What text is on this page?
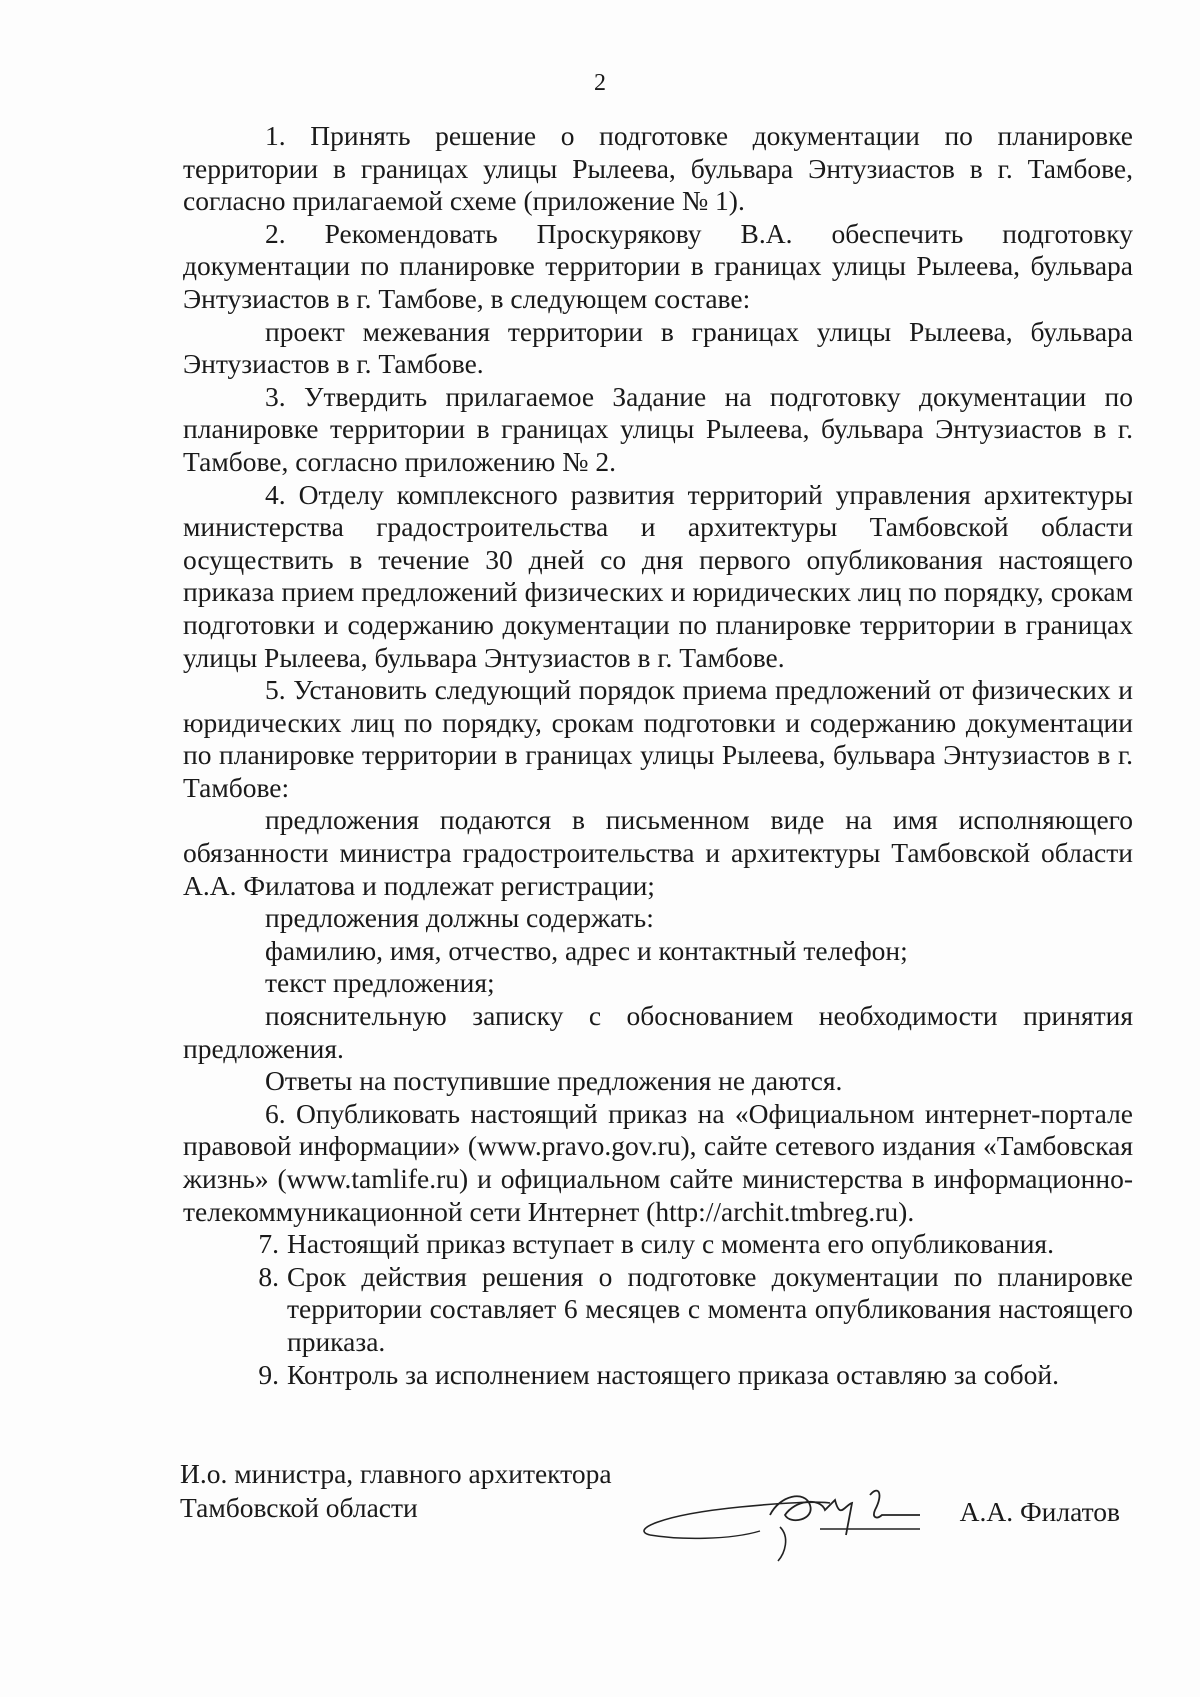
2

1. Принять решение о подготовке документации по планировке территории в границах улицы Рылеева, бульвара Энтузиастов в г. Тамбове, согласно прилагаемой схеме (приложение № 1).

2. Рекомендовать Проскурякову В.А. обеспечить подготовку документации по планировке территории в границах улицы Рылеева, бульвара Энтузиастов в г. Тамбове, в следующем составе:

проект межевания территории в границах улицы Рылеева, бульвара Энтузиастов в г. Тамбове.

3. Утвердить прилагаемое Задание на подготовку документации по планировке территории в границах улицы Рылеева, бульвара Энтузиастов в г. Тамбове, согласно приложению № 2.

4. Отделу комплексного развития территорий управления архитектуры министерства градостроительства и архитектуры Тамбовской области осуществить в течение 30 дней со дня первого опубликования настоящего приказа прием предложений физических и юридических лиц по порядку, срокам подготовки и содержанию документации по планировке территории в границах улицы Рылеева, бульвара Энтузиастов в г. Тамбове.

5. Установить следующий порядок приема предложений от физических и юридических лиц по порядку, срокам подготовки и содержанию документации по планировке территории в границах улицы Рылеева, бульвара Энтузиастов в г. Тамбове:

предложения подаются в письменном виде на имя исполняющего обязанности министра градостроительства и архитектуры Тамбовской области А.А. Филатова и подлежат регистрации;

предложения должны содержать:

фамилию, имя, отчество, адрес и контактный телефон;

текст предложения;

пояснительную записку с обоснованием необходимости принятия предложения.

Ответы на поступившие предложения не даются.

6. Опубликовать настоящий приказ на «Официальном интернет-портале правовой информации» (www.pravo.gov.ru), сайте сетевого издания «Тамбовская жизнь» (www.tamlife.ru) и официальном сайте министерства в информационно-телекоммуникационной сети Интернет (http://archit.tmbreg.ru).

7. Настоящий приказ вступает в силу с момента его опубликования.
8. Срок действия решения о подготовке документации по планировке территории составляет 6 месяцев с момента опубликования настоящего приказа.
9. Контроль за исполнением настоящего приказа оставляю за собой.
И.о. министра, главного архитектора
Тамбовской области	А.А. Филатов
